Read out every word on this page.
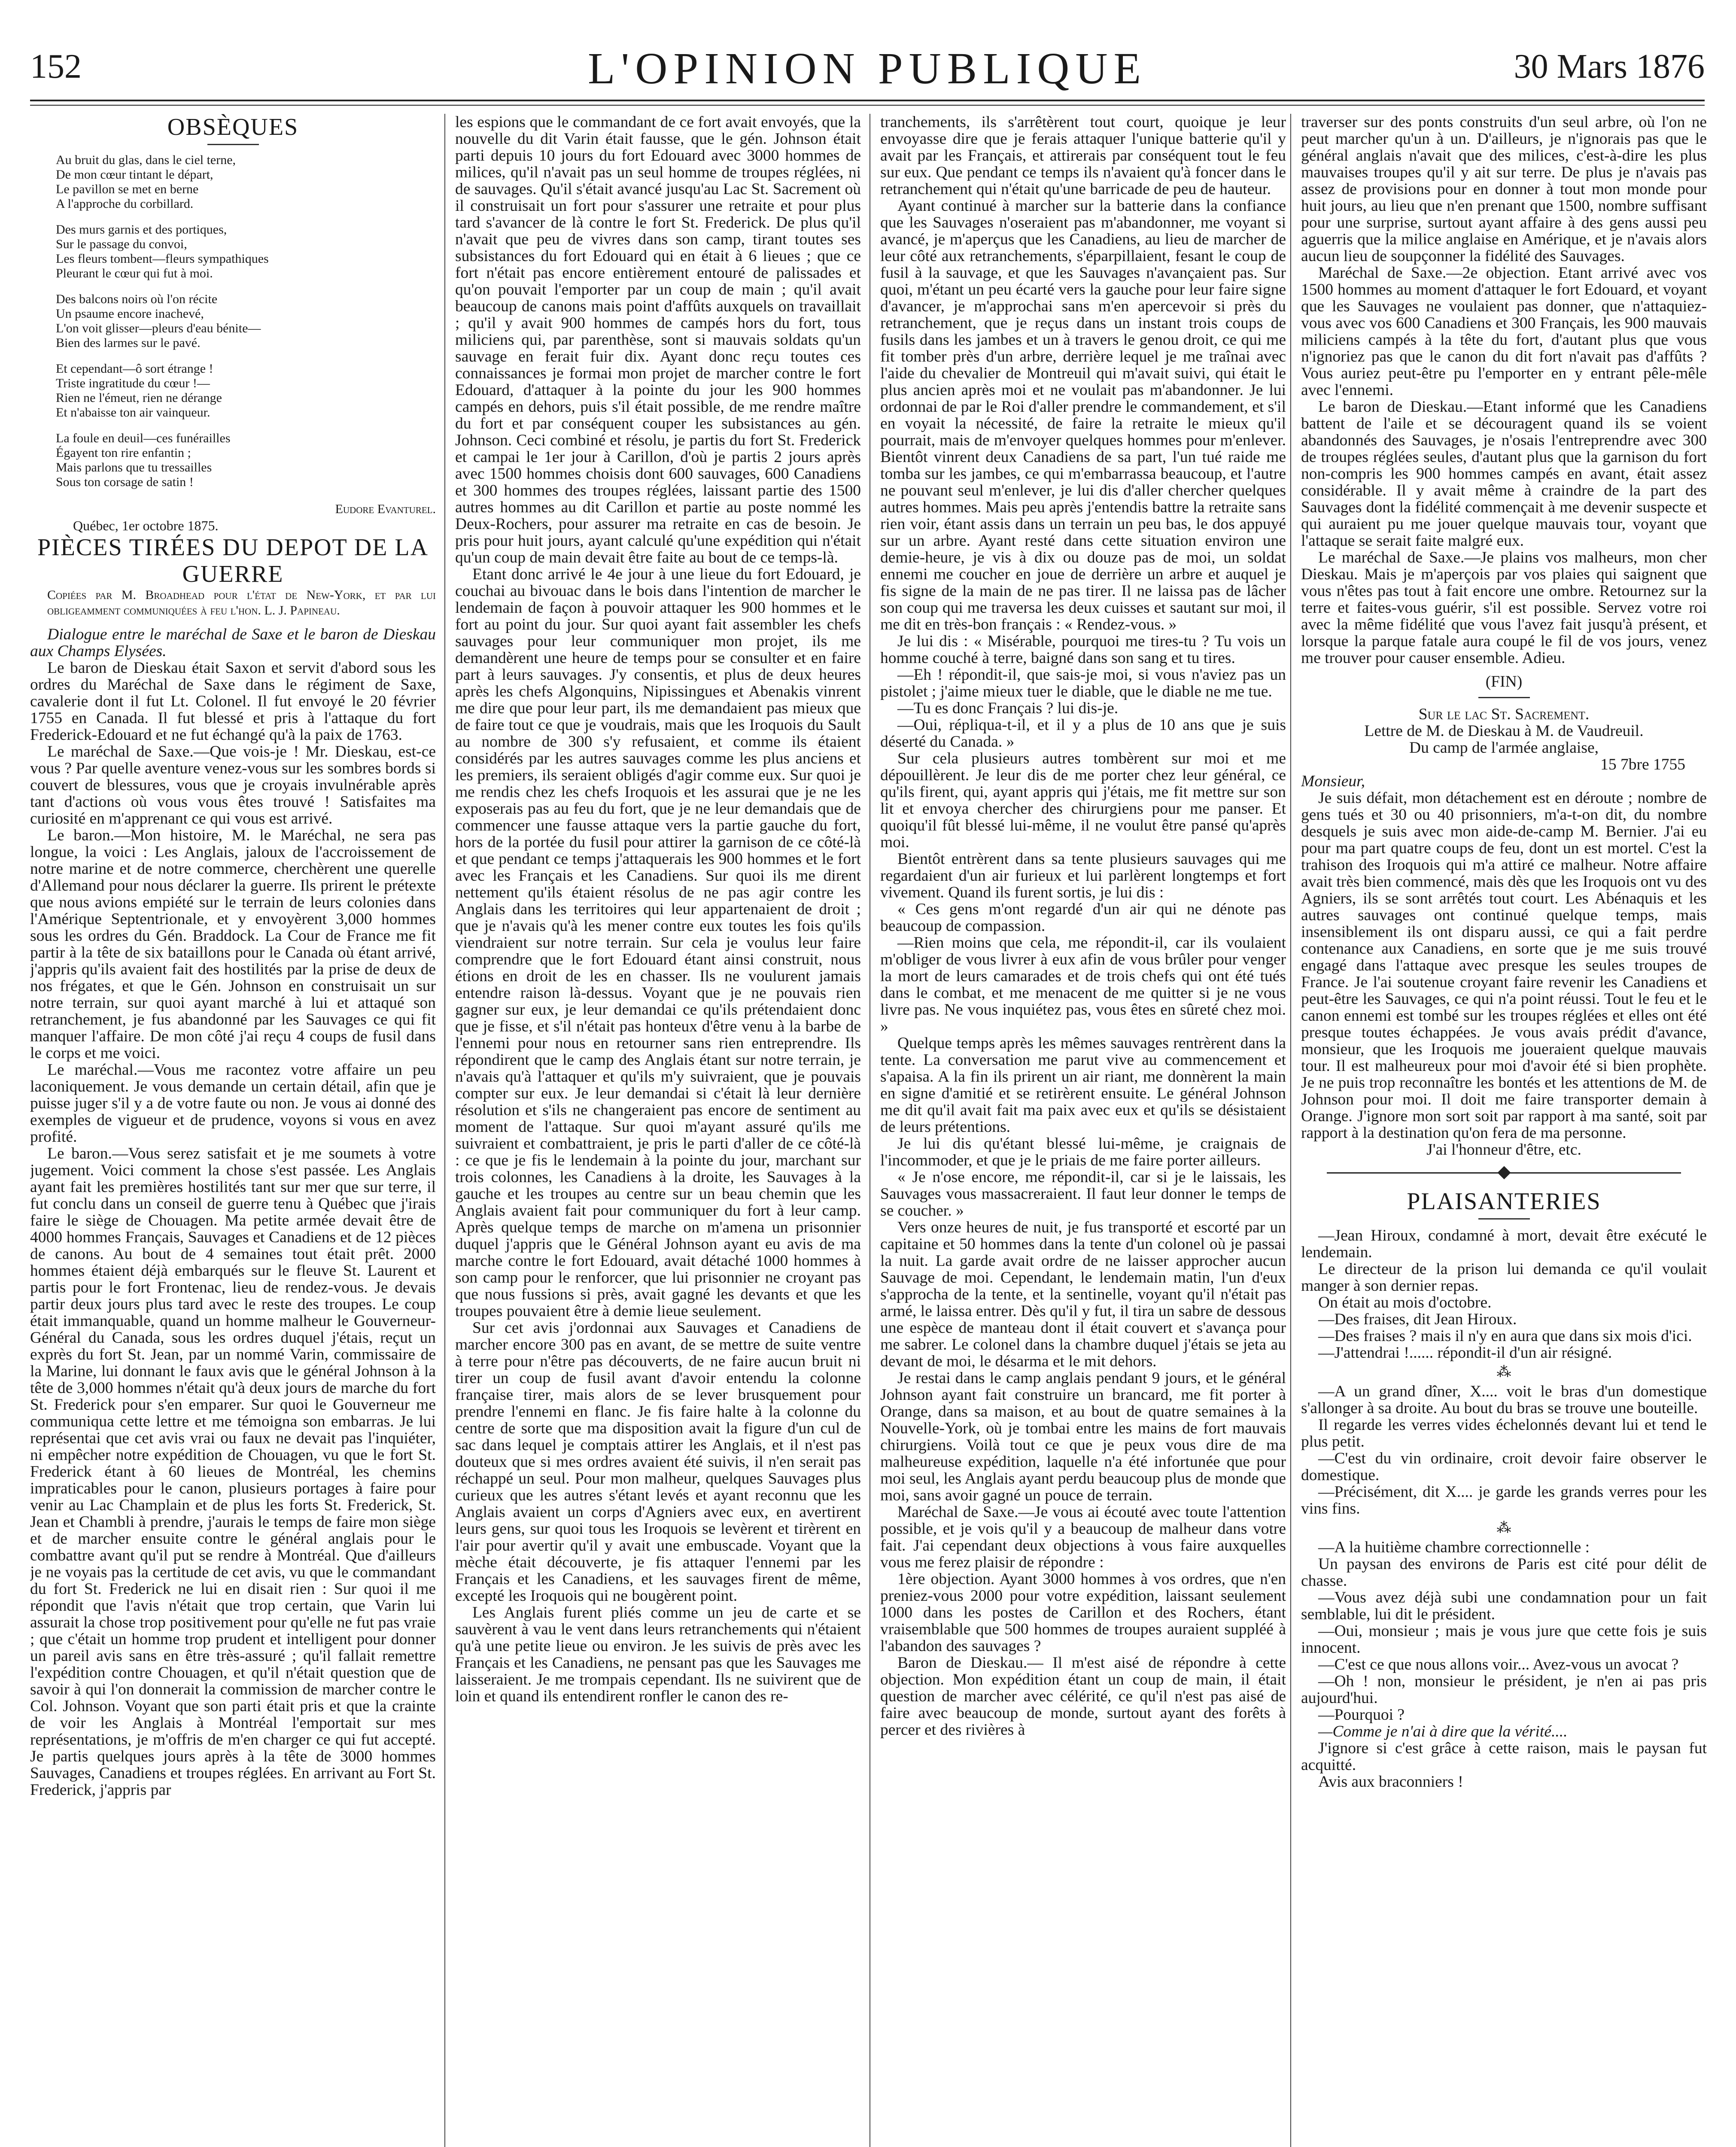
152	L'OPINION PUBLIQUE	30 Mars 1876

OBSÈQUES

Au bruit du glas, dans le ciel terne,
De mon cœur tintant le départ,
Le pavillon se met en berne
A l'approche du corbillard.
Des murs garnis et des portiques,
Sur le passage du convoi,
Les fleurs tombent—fleurs sympathiques
Pleurant le cœur qui fut à moi.
Des balcons noirs où l'on récite
Un psaume encore inachevé,
L'on voit glisser—pleurs d'eau bénite—
Bien des larmes sur le pavé.
Et cependant—ô sort étrange !
Triste ingratitude du cœur !—
Rien ne l'émeut, rien ne dérange
Et n'abaisse ton air vainqueur.
La foule en deuil—ces funérailles
Égayent ton rire enfantin ;
Mais parlons que tu tressailles
Sous ton corsage de satin !

Eudore Evanturel.

Québec, 1er octobre 1875.

PIÈCES TIRÉES DU DEPOT DE LA GUERRE

Copiées par M. Broadhead pour l'état de New-York, et par lui obligeamment communiquées à feu l'hon. L. J. Papineau.

Dialogue entre le maréchal de Saxe et le baron de Dieskau aux Champs Elysées.

Le baron de Dieskau était Saxon et servit d'abord sous les ordres du Maréchal de Saxe dans le régiment de Saxe, cavalerie dont il fut Lt. Colonel. Il fut envoyé le 20 février 1755 en Canada. Il fut blessé et pris à l'attaque du fort Frederick-Edouard et ne fut échangé qu'à la paix de 1763.

Le maréchal de Saxe.—Que vois-je ! Mr. Dieskau, est-ce vous ? Par quelle aventure venez-vous sur les sombres bords si couvert de blessures, vous que je croyais invulnérable après tant d'actions où vous vous êtes trouvé ! Satisfaites ma curiosité en m'apprenant ce qui vous est arrivé.

Le baron.—Mon histoire, M. le Maréchal, ne sera pas longue, la voici : Les Anglais, jaloux de l'accroissement de notre marine et de notre commerce, cherchèrent une querelle d'Allemand pour nous déclarer la guerre. Ils prirent le prétexte que nous avions empiété sur le terrain de leurs colonies dans l'Amérique Septentrionale, et y envoyèrent 3,000 hommes sous les ordres du Gén. Braddock. La Cour de France me fit partir à la tête de six bataillons pour le Canada où étant arrivé, j'appris qu'ils avaient fait des hostilités par la prise de deux de nos frégates, et que le Gén. Johnson en construisait un sur notre terrain, sur quoi ayant marché à lui et attaqué son retranchement, je fus abandonné par les Sauvages ce qui fit manquer l'affaire. De mon côté j'ai reçu 4 coups de fusil dans le corps et me voici.

Le maréchal.—Vous me racontez votre affaire un peu laconiquement. Je vous demande un certain détail, afin que je puisse juger s'il y a de votre faute ou non. Je vous ai donné des exemples de vigueur et de prudence, voyons si vous en avez profité.

Le baron.—Vous serez satisfait et je me soumets à votre jugement. Voici comment la chose s'est passée. Les Anglais ayant fait les premières hostilités tant sur mer que sur terre, il fut conclu dans un conseil de guerre tenu à Québec que j'irais faire le siège de Chouagen. Ma petite armée devait être de 4000 hommes Français, Sauvages et Canadiens et de 12 pièces de canons. Au bout de 4 semaines tout était prêt. 2000 hommes étaient déjà embarqués sur le fleuve St. Laurent et partis pour le fort Frontenac, lieu de rendez-vous. Je devais partir deux jours plus tard avec le reste des troupes. Le coup était immanquable, quand un homme malheur le Gouverneur-Général du Canada, sous les ordres duquel j'étais, reçut un exprès du fort St. Jean, par un nommé Varin, commissaire de la Marine, lui donnant le faux avis que le général Johnson à la tête de 3,000 hommes n'était qu'à deux jours de marche du fort St. Frederick pour s'en emparer. Sur quoi le Gouverneur me communiqua cette lettre et me témoigna son embarras. Je lui représentai que cet avis vrai ou faux ne devait pas l'inquiéter, ni empêcher notre expédition de Chouagen, vu que le fort St. Frederick étant à 60 lieues de Montréal, les chemins impraticables pour le canon, plusieurs portages à faire pour venir au Lac Champlain et de plus les forts St. Frederick, St. Jean et Chambli à prendre, j'aurais le temps de faire mon siège et de marcher ensuite contre le général anglais pour le combattre avant qu'il put se rendre à Montréal. Que d'ailleurs je ne voyais pas la certitude de cet avis, vu que le commandant du fort St. Frederick ne lui en disait rien : Sur quoi il me répondit que l'avis n'était que trop certain, que Varin lui assurait la chose trop positivement pour qu'elle ne fut pas vraie ; que c'était un homme trop prudent et intelligent pour donner un pareil avis sans en être très-assuré ; qu'il fallait remettre l'expédition contre Chouagen, et qu'il n'était question que de savoir à qui l'on donnerait la commission de marcher contre le Col. Johnson. Voyant que son parti était pris et que la crainte de voir les Anglais à Montréal l'emportait sur mes représentations, je m'offris de m'en charger ce qui fut accepté. Je partis quelques jours après à la tête de 3000 hommes Sauvages, Canadiens et troupes réglées. En arrivant au Fort St. Frederick, j'appris par

les espions que le commandant de ce fort avait envoyés, que la nouvelle du dit Varin était fausse, que le gén. Johnson était parti depuis 10 jours du fort Edouard avec 3000 hommes de milices, qu'il n'avait pas un seul homme de troupes réglées, ni de sauvages. Qu'il s'était avancé jusqu'au Lac St. Sacrement où il construisait un fort pour s'assurer une retraite et pour plus tard s'avancer de là contre le fort St. Frederick. De plus qu'il n'avait que peu de vivres dans son camp, tirant toutes ses subsistances du fort Edouard qui en était à 6 lieues ; que ce fort n'était pas encore entièrement entouré de palissades et qu'on pouvait l'emporter par un coup de main ; qu'il avait beaucoup de canons mais point d'affûts auxquels on travaillait ; qu'il y avait 900 hommes de campés hors du fort, tous miliciens qui, par parenthèse, sont si mauvais soldats qu'un sauvage en ferait fuir dix. Ayant donc reçu toutes ces connaissances je formai mon projet de marcher contre le fort Edouard, d'attaquer à la pointe du jour les 900 hommes campés en dehors, puis s'il était possible, de me rendre maître du fort et par conséquent couper les subsistances au gén. Johnson. Ceci combiné et résolu, je partis du fort St. Frederick et campai le 1er jour à Carillon, d'où je partis 2 jours après avec 1500 hommes choisis dont 600 sauvages, 600 Canadiens et 300 hommes des troupes réglées, laissant partie des 1500 autres hommes au dit Carillon et partie au poste nommé les Deux-Rochers, pour assurer ma retraite en cas de besoin. Je pris pour huit jours, ayant calculé qu'une expédition qui n'était qu'un coup de main devait être faite au bout de ce temps-là.

Etant donc arrivé le 4e jour à une lieue du fort Edouard, je couchai au bivouac dans le bois dans l'intention de marcher le lendemain de façon à pouvoir attaquer les 900 hommes et le fort au point du jour. Sur quoi ayant fait assembler les chefs sauvages pour leur communiquer mon projet, ils me demandèrent une heure de temps pour se consulter et en faire part à leurs sauvages. J'y consentis, et plus de deux heures après les chefs Algonquins, Nipissingues et Abenakis vinrent me dire que pour leur part, ils me demandaient pas mieux que de faire tout ce que je voudrais, mais que les Iroquois du Sault au nombre de 300 s'y refusaient, et comme ils étaient considérés par les autres sauvages comme les plus anciens et les premiers, ils seraient obligés d'agir comme eux. Sur quoi je me rendis chez les chefs Iroquois et les assurai que je ne les exposerais pas au feu du fort, que je ne leur demandais que de commencer une fausse attaque vers la partie gauche du fort, hors de la portée du fusil pour attirer la garnison de ce côté-là et que pendant ce temps j'attaquerais les 900 hommes et le fort avec les Français et les Canadiens. Sur quoi ils me dirent nettement qu'ils étaient résolus de ne pas agir contre les Anglais dans les territoires qui leur appartenaient de droit ; que je n'avais qu'à les mener contre eux toutes les fois qu'ils viendraient sur notre terrain. Sur cela je voulus leur faire comprendre que le fort Edouard étant ainsi construit, nous étions en droit de les en chasser. Ils ne voulurent jamais entendre raison là-dessus. Voyant que je ne pouvais rien gagner sur eux, je leur demandai ce qu'ils prétendaient donc que je fisse, et s'il n'était pas honteux d'être venu à la barbe de l'ennemi pour nous en retourner sans rien entreprendre. Ils répondirent que le camp des Anglais étant sur notre terrain, je n'avais qu'à l'attaquer et qu'ils m'y suivraient, que je pouvais compter sur eux. Je leur demandai si c'était là leur dernière résolution et s'ils ne changeraient pas encore de sentiment au moment de l'attaque. Sur quoi m'ayant assuré qu'ils me suivraient et combattraient, je pris le parti d'aller de ce côté-là : ce que je fis le lendemain à la pointe du jour, marchant sur trois colonnes, les Canadiens à la droite, les Sauvages à la gauche et les troupes au centre sur un beau chemin que les Anglais avaient fait pour communiquer du fort à leur camp. Après quelque temps de marche on m'amena un prisonnier duquel j'appris que le Général Johnson ayant eu avis de ma marche contre le fort Edouard, avait détaché 1000 hommes à son camp pour le renforcer, que lui prisonnier ne croyant pas que nous fussions si près, avait gagné les devants et que les troupes pouvaient être à demie lieue seulement.

Sur cet avis j'ordonnai aux Sauvages et Canadiens de marcher encore 300 pas en avant, de se mettre de suite ventre à terre pour n'être pas découverts, de ne faire aucun bruit ni tirer un coup de fusil avant d'avoir entendu la colonne française tirer, mais alors de se lever brusquement pour prendre l'ennemi en flanc. Je fis faire halte à la colonne du centre de sorte que ma disposition avait la figure d'un cul de sac dans lequel je comptais attirer les Anglais, et il n'est pas douteux que si mes ordres avaient été suivis, il n'en serait pas réchappé un seul. Pour mon malheur, quelques Sauvages plus curieux que les autres s'étant levés et ayant reconnu que les Anglais avaient un corps d'Agniers avec eux, en avertirent leurs gens, sur quoi tous les Iroquois se levèrent et tirèrent en l'air pour avertir qu'il y avait une embuscade. Voyant que la mèche était découverte, je fis attaquer l'ennemi par les Français et les Canadiens, et les sauvages firent de même, excepté les Iroquois qui ne bougèrent point.

Les Anglais furent pliés comme un jeu de carte et se sauvèrent à vau le vent dans leurs retranchements qui n'étaient qu'à une petite lieue ou environ. Je les suivis de près avec les Français et les Canadiens, ne pensant pas que les Sauvages me laisseraient. Je me trompais cependant. Ils ne suivirent que de loin et quand ils entendirent ronfler le canon des re-

tranchements, ils s'arrêtèrent tout court, quoique je leur envoyasse dire que je ferais attaquer l'unique batterie qu'il y avait par les Français, et attirerais par conséquent tout le feu sur eux. Que pendant ce temps ils n'avaient qu'à foncer dans le retranchement qui n'était qu'une barricade de peu de hauteur.

Ayant continué à marcher sur la batterie dans la confiance que les Sauvages n'oseraient pas m'abandonner, me voyant si avancé, je m'aperçus que les Canadiens, au lieu de marcher de leur côté aux retranchements, s'éparpillaient, fesant le coup de fusil à la sauvage, et que les Sauvages n'avançaient pas. Sur quoi, m'étant un peu écarté vers la gauche pour leur faire signe d'avancer, je m'approchai sans m'en apercevoir si près du retranchement, que je reçus dans un instant trois coups de fusils dans les jambes et un à travers le genou droit, ce qui me fit tomber près d'un arbre, derrière lequel je me traînai avec l'aide du chevalier de Montreuil qui m'avait suivi, qui était le plus ancien après moi et ne voulait pas m'abandonner. Je lui ordonnai de par le Roi d'aller prendre le commandement, et s'il en voyait la nécessité, de faire la retraite le mieux qu'il pourrait, mais de m'envoyer quelques hommes pour m'enlever. Bientôt vinrent deux Canadiens de sa part, l'un tué raide me tomba sur les jambes, ce qui m'embarrassa beaucoup, et l'autre ne pouvant seul m'enlever, je lui dis d'aller chercher quelques autres hommes. Mais peu après j'entendis battre la retraite sans rien voir, étant assis dans un terrain un peu bas, le dos appuyé sur un arbre. Ayant resté dans cette situation environ une demie-heure, je vis à dix ou douze pas de moi, un soldat ennemi me coucher en joue de derrière un arbre et auquel je fis signe de la main de ne pas tirer. Il ne laissa pas de lâcher son coup qui me traversa les deux cuisses et sautant sur moi, il me dit en très-bon français : « Rendez-vous. »

Je lui dis : « Misérable, pourquoi me tires-tu ? Tu vois un homme couché à terre, baigné dans son sang et tu tires.

—Eh ! répondit-il, que sais-je moi, si vous n'aviez pas un pistolet ; j'aime mieux tuer le diable, que le diable ne me tue.

—Tu es donc Français ? lui dis-je.

—Oui, répliqua-t-il, et il y a plus de 10 ans que je suis déserté du Canada. »

Sur cela plusieurs autres tombèrent sur moi et me dépouillèrent. Je leur dis de me porter chez leur général, ce qu'ils firent, qui, ayant appris qui j'étais, me fit mettre sur son lit et envoya chercher des chirurgiens pour me panser. Et quoiqu'il fût blessé lui-même, il ne voulut être pansé qu'après moi.

Bientôt entrèrent dans sa tente plusieurs sauvages qui me regardaient d'un air furieux et lui parlèrent longtemps et fort vivement. Quand ils furent sortis, je lui dis :

« Ces gens m'ont regardé d'un air qui ne dénote pas beaucoup de compassion.

—Rien moins que cela, me répondit-il, car ils voulaient m'obliger de vous livrer à eux afin de vous brûler pour venger la mort de leurs camarades et de trois chefs qui ont été tués dans le combat, et me menacent de me quitter si je ne vous livre pas. Ne vous inquiétez pas, vous êtes en sûreté chez moi. »

Quelque temps après les mêmes sauvages rentrèrent dans la tente. La conversation me parut vive au commencement et s'apaisa. A la fin ils prirent un air riant, me donnèrent la main en signe d'amitié et se retirèrent ensuite. Le général Johnson me dit qu'il avait fait ma paix avec eux et qu'ils se désistaient de leurs prétentions.

Je lui dis qu'étant blessé lui-même, je craignais de l'incommoder, et que je le priais de me faire porter ailleurs.

« Je n'ose encore, me répondit-il, car si je le laissais, les Sauvages vous massacreraient. Il faut leur donner le temps de se coucher. »

Vers onze heures de nuit, je fus transporté et escorté par un capitaine et 50 hommes dans la tente d'un colonel où je passai la nuit. La garde avait ordre de ne laisser approcher aucun Sauvage de moi. Cependant, le lendemain matin, l'un d'eux s'approcha de la tente, et la sentinelle, voyant qu'il n'était pas armé, le laissa entrer. Dès qu'il y fut, il tira un sabre de dessous une espèce de manteau dont il était couvert et s'avança pour me sabrer. Le colonel dans la chambre duquel j'étais se jeta au devant de moi, le désarma et le mit dehors.

Je restai dans le camp anglais pendant 9 jours, et le général Johnson ayant fait construire un brancard, me fit porter à Orange, dans sa maison, et au bout de quatre semaines à la Nouvelle-York, où je tombai entre les mains de fort mauvais chirurgiens. Voilà tout ce que je peux vous dire de ma malheureuse expédition, laquelle n'a été infortunée que pour moi seul, les Anglais ayant perdu beaucoup plus de monde que moi, sans avoir gagné un pouce de terrain.

Maréchal de Saxe.—Je vous ai écouté avec toute l'attention possible, et je vois qu'il y a beaucoup de malheur dans votre fait. J'ai cependant deux objections à vous faire auxquelles vous me ferez plaisir de répondre :

1ère objection. Ayant 3000 hommes à vos ordres, que n'en preniez-vous 2000 pour votre expédition, laissant seulement 1000 dans les postes de Carillon et des Rochers, étant vraisemblable que 500 hommes de troupes auraient suppléé à l'abandon des sauvages ?

Baron de Dieskau.— Il m'est aisé de répondre à cette objection. Mon expédition étant un coup de main, il était question de marcher avec célérité, ce qu'il n'est pas aisé de faire avec beaucoup de monde, surtout ayant des forêts à percer et des rivières à

traverser sur des ponts construits d'un seul arbre, où l'on ne peut marcher qu'un à un. D'ailleurs, je n'ignorais pas que le général anglais n'avait que des milices, c'est-à-dire les plus mauvaises troupes qu'il y ait sur terre. De plus je n'avais pas assez de provisions pour en donner à tout mon monde pour huit jours, au lieu que n'en prenant que 1500, nombre suffisant pour une surprise, surtout ayant affaire à des gens aussi peu aguerris que la milice anglaise en Amérique, et je n'avais alors aucun lieu de soupçonner la fidélité des Sauvages.

Maréchal de Saxe.—2e objection. Etant arrivé avec vos 1500 hommes au moment d'attaquer le fort Edouard, et voyant que les Sauvages ne voulaient pas donner, que n'attaquiez-vous avec vos 600 Canadiens et 300 Français, les 900 mauvais miliciens campés à la tête du fort, d'autant plus que vous n'ignoriez pas que le canon du dit fort n'avait pas d'affûts ? Vous auriez peut-être pu l'emporter en y entrant pêle-mêle avec l'ennemi.

Le baron de Dieskau.—Etant informé que les Canadiens battent de l'aile et se découragent quand ils se voient abandonnés des Sauvages, je n'osais l'entreprendre avec 300 de troupes réglées seules, d'autant plus que la garnison du fort non-compris les 900 hommes campés en avant, était assez considérable. Il y avait même à craindre de la part des Sauvages dont la fidélité commençait à me devenir suspecte et qui auraient pu me jouer quelque mauvais tour, voyant que l'attaque se serait faite malgré eux.

Le maréchal de Saxe.—Je plains vos malheurs, mon cher Dieskau. Mais je m'aperçois par vos plaies qui saignent que vous n'êtes pas tout à fait encore une ombre. Retournez sur la terre et faites-vous guérir, s'il est possible. Servez votre roi avec la même fidélité que vous l'avez fait jusqu'à présent, et lorsque la parque fatale aura coupé le fil de vos jours, venez me trouver pour causer ensemble. Adieu.

(FIN)

Sur le lac St. Sacrement.

Lettre de M. de Dieskau à M. de Vaudreuil.

Du camp de l'armée anglaise,

15 7bre 1755

Monsieur,

Je suis défait, mon détachement est en déroute ; nombre de gens tués et 30 ou 40 prisonniers, m'a-t-on dit, du nombre desquels je suis avec mon aide-de-camp M. Bernier. J'ai eu pour ma part quatre coups de feu, dont un est mortel. C'est la trahison des Iroquois qui m'a attiré ce malheur. Notre affaire avait très bien commencé, mais dès que les Iroquois ont vu des Agniers, ils se sont arrêtés tout court. Les Abénaquis et les autres sauvages ont continué quelque temps, mais insensiblement ils ont disparu aussi, ce qui a fait perdre contenance aux Canadiens, en sorte que je me suis trouvé engagé dans l'attaque avec presque les seules troupes de France. Je l'ai soutenue croyant faire revenir les Canadiens et peut-être les Sauvages, ce qui n'a point réussi. Tout le feu et le canon ennemi est tombé sur les troupes réglées et elles ont été presque toutes échappées. Je vous avais prédit d'avance, monsieur, que les Iroquois me joueraient quelque mauvais tour. Il est malheureux pour moi d'avoir été si bien prophète. Je ne puis trop reconnaître les bontés et les attentions de M. de Johnson pour moi. Il doit me faire transporter demain à Orange. J'ignore mon sort soit par rapport à ma santé, soit par rapport à la destination qu'on fera de ma personne.

J'ai l'honneur d'être, etc.

PLAISANTERIES

—Jean Hiroux, condamné à mort, devait être exécuté le lendemain.

Le directeur de la prison lui demanda ce qu'il voulait manger à son dernier repas.

On était au mois d'octobre.

—Des fraises, dit Jean Hiroux.

—Des fraises ? mais il n'y en aura que dans six mois d'ici.

—J'attendrai !...... répondit-il d'un air résigné.

⁂

—A un grand dîner, X.... voit le bras d'un domestique s'allonger à sa droite. Au bout du bras se trouve une bouteille.

Il regarde les verres vides échelonnés devant lui et tend le plus petit.

—C'est du vin ordinaire, croit devoir faire observer le domestique.

—Précisément, dit X.... je garde les grands verres pour les vins fins.

⁂

—A la huitième chambre correctionnelle :

Un paysan des environs de Paris est cité pour délit de chasse.

—Vous avez déjà subi une condamnation pour un fait semblable, lui dit le président.

—Oui, monsieur ; mais je vous jure que cette fois je suis innocent.

—C'est ce que nous allons voir... Avez-vous un avocat ?

—Oh ! non, monsieur le président, je n'en ai pas pris aujourd'hui.

—Pourquoi ?

—Comme je n'ai à dire que la vérité....

J'ignore si c'est grâce à cette raison, mais le paysan fut acquitté.

Avis aux braconniers !
